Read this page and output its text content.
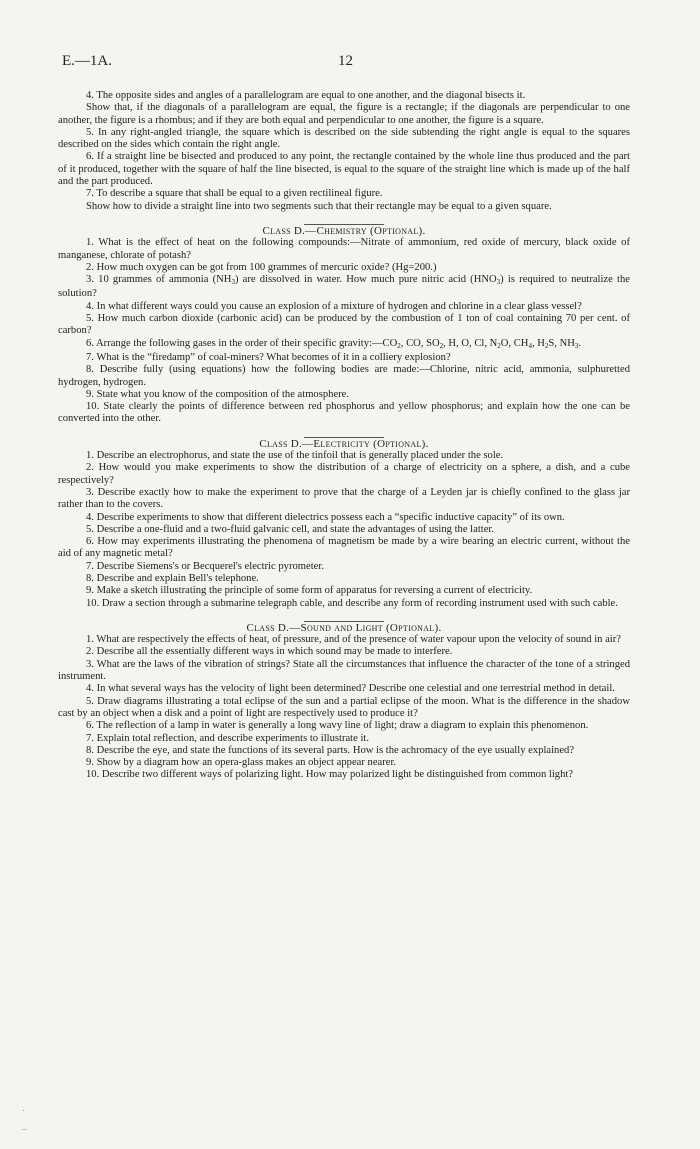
E.—1A.	12
·
–

4. The opposite sides and angles of a parallelogram are equal to one another, and the diagonal bisects it.

Show that, if the diagonals of a parallelogram are equal, the figure is a rectangle; if the diagonals are perpendicular to one another, the figure is a rhombus; and if they are both equal and perpendicular to one another, the figure is a square.

5. In any right-angled triangle, the square which is described on the side subtending the right angle is equal to the squares described on the sides which contain the right angle.

6. If a straight line be bisected and produced to any point, the rectangle contained by the whole line thus produced and the part of it produced, together with the square of half the line bisected, is equal to the square of the straight line which is made up of the half and the part produced.

7. To describe a square that shall be equal to a given rectilineal figure.

Show how to divide a straight line into two segments such that their rectangle may be equal to a given square.

Class D.—Chemistry (Optional).

1. What is the effect of heat on the following compounds:—Nitrate of ammonium, red oxide of mercury, black oxide of manganese, chlorate of potash?

2. How much oxygen can be got from 100 grammes of mercuric oxide? (Hg=200.)

3. 10 grammes of ammonia $(NH_3)$ are dissolved in water. How much pure nitric acid $(HNO_3)$ is required to neutralize the solution?

4. In what different ways could you cause an explosion of a mixture of hydrogen and chlorine in a clear glass vessel?

5. How much carbon dioxide (carbonic acid) can be produced by the combustion of 1 ton of coal containing 70 per cent. of carbon?

6. Arrange the following gases in the order of their specific $gravity:—CO_2$, CO, $SO_2$, H, O, Cl, $N_2O$, $CH_4$, $H_2S$, $NH_3$.

7. What is the “firedamp” of coal-miners? What becomes of it in a colliery explosion?

8. Describe fully (using equations) how the following bodies are made:—Chlorine, nitric acid, ammonia, sulphuretted hydrogen, hydrogen.

9. State what you know of the composition of the atmosphere.

10. State clearly the points of difference between red phosphorus and yellow phosphorus; and explain how the one can be converted into the other.

Class D.—Electricity (Optional).

1. Describe an electrophorus, and state the use of the tinfoil that is generally placed under the sole.

2. How would you make experiments to show the distribution of a charge of electricity on a sphere, a dish, and a cube respectively?

3. Describe exactly how to make the experiment to prove that the charge of a Leyden jar is chiefly confined to the glass jar rather than to the covers.

4. Describe experiments to show that different dielectrics possess each a “specific inductive capacity” of its own.

5. Describe a one-fluid and a two-fluid galvanic cell, and state the advantages of using the latter.

6. How may experiments illustrating the phenomena of magnetism be made by a wire bearing an electric current, without the aid of any magnetic metal?

7. Describe Siemens's or Becquerel's electric pyrometer.

8. Describe and explain Bell's telephone.

9. Make a sketch illustrating the principle of some form of apparatus for reversing a current of electricity.

10. Draw a section through a submarine telegraph cable, and describe any form of recording instrument used with such cable.

Class D.—Sound and Light (Optional).

1. What are respectively the effects of heat, of pressure, and of the presence of water vapour upon the velocity of sound in air?

2. Describe all the essentially different ways in which sound may be made to interfere.

3. What are the laws of the vibration of strings? State all the circumstances that influence the character of the tone of a stringed instrument.

4. In what several ways has the velocity of light been determined? Describe one celestial and one terrestrial method in detail.

5. Draw diagrams illustrating a total eclipse of the sun and a partial eclipse of the moon. What is the difference in the shadow cast by an object when a disk and a point of light are respectively used to produce it?

6. The reflection of a lamp in water is generally a long wavy line of light; draw a diagram to explain this phenomenon.

7. Explain total reflection, and describe experiments to illustrate it.

8. Describe the eye, and state the functions of its several parts. How is the achromacy of the eye usually explained?

9. Show by a diagram how an opera-glass makes an object appear nearer.

10. Describe two different ways of polarizing light. How may polarized light be distinguished from common light?
